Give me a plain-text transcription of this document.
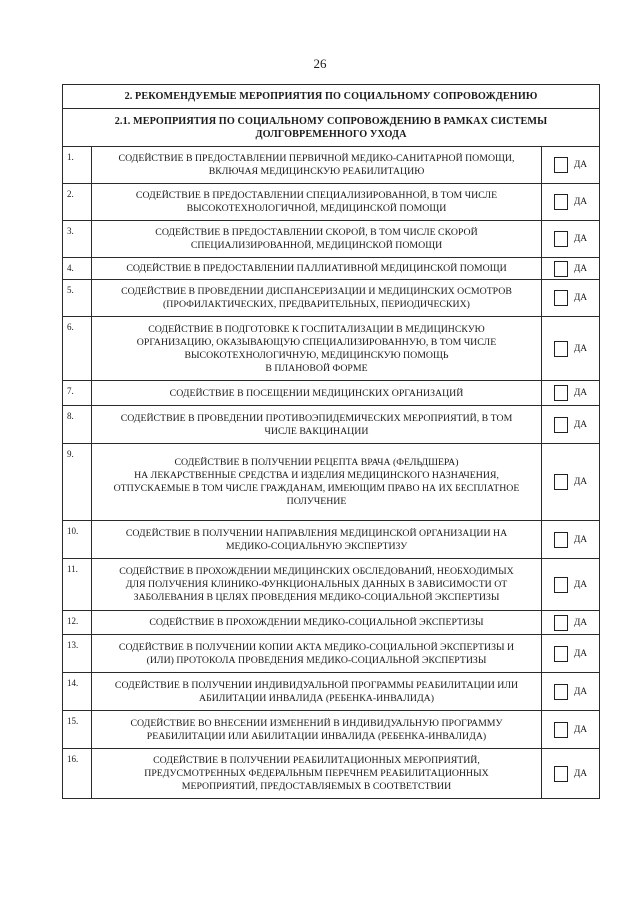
26
2. РЕКОМЕНДУЕМЫЕ МЕРОПРИЯТИЯ ПО СОЦИАЛЬНОМУ СОПРОВОЖДЕНИЮ		
2.1. МЕРОПРИЯТИЯ ПО СОЦИАЛЬНОМУ СОПРОВОЖДЕНИЮ В РАМКАХ СИСТЕМЫ ДОЛГОВРЕМЕННОГО УХОДА		
1.	СОДЕЙСТВИЕ В ПРЕДОСТАВЛЕНИИ ПЕРВИЧНОЙ МЕДИКО-САНИТАРНОЙ ПОМОЩИ,
ВКЛЮЧАЯ МЕДИЦИНСКУЮ РЕАБИЛИТАЦИЮ	ДА

2.	СОДЕЙСТВИЕ В ПРЕДОСТАВЛЕНИИ СПЕЦИАЛИЗИРОВАННОЙ, В ТОМ ЧИСЛЕ
ВЫСОКОТЕХНОЛОГИЧНОЙ, МЕДИЦИНСКОЙ ПОМОЩИ	ДА

3.	СОДЕЙСТВИЕ В ПРЕДОСТАВЛЕНИИ СКОРОЙ, В ТОМ ЧИСЛЕ СКОРОЙ
СПЕЦИАЛИЗИРОВАННОЙ, МЕДИЦИНСКОЙ ПОМОЩИ	ДА

4.	СОДЕЙСТВИЕ В ПРЕДОСТАВЛЕНИИ ПАЛЛИАТИВНОЙ МЕДИЦИНСКОЙ ПОМОЩИ	ДА

5.	СОДЕЙСТВИЕ В ПРОВЕДЕНИИ ДИСПАНСЕРИЗАЦИИ И МЕДИЦИНСКИХ ОСМОТРОВ
(ПРОФИЛАКТИЧЕСКИХ, ПРЕДВАРИТЕЛЬНЫХ, ПЕРИОДИЧЕСКИХ)	ДА

6.	СОДЕЙСТВИЕ В ПОДГОТОВКЕ К ГОСПИТАЛИЗАЦИИ В МЕДИЦИНСКУЮ
ОРГАНИЗАЦИЮ, ОКАЗЫВАЮЩУЮ СПЕЦИАЛИЗИРОВАННУЮ, В ТОМ ЧИСЛЕ
ВЫСОКОТЕХНОЛОГИЧНУЮ, МЕДИЦИНСКУЮ ПОМОЩЬ
В ПЛАНОВОЙ ФОРМЕ	ДА

7.	СОДЕЙСТВИЕ В ПОСЕЩЕНИИ МЕДИЦИНСКИХ ОРГАНИЗАЦИЙ	ДА

8.	СОДЕЙСТВИЕ В ПРОВЕДЕНИИ ПРОТИВОЭПИДЕМИЧЕСКИХ МЕРОПРИЯТИЙ, В ТОМ
ЧИСЛЕ ВАКЦИНАЦИИ	ДА

9.	СОДЕЙСТВИЕ В ПОЛУЧЕНИИ РЕЦЕПТА ВРАЧА (ФЕЛЬДШЕРА)
НА ЛЕКАРСТВЕННЫЕ СРЕДСТВА И ИЗДЕЛИЯ МЕДИЦИНСКОГО НАЗНАЧЕНИЯ,
ОТПУСКАЕМЫЕ В ТОМ ЧИСЛЕ ГРАЖДАНАМ, ИМЕЮЩИМ ПРАВО НА ИХ БЕСПЛАТНОЕ
ПОЛУЧЕНИЕ	ДА

10.	СОДЕЙСТВИЕ В ПОЛУЧЕНИИ НАПРАВЛЕНИЯ МЕДИЦИНСКОЙ ОРГАНИЗАЦИИ НА
МЕДИКО-СОЦИАЛЬНУЮ ЭКСПЕРТИЗУ	ДА

11.	СОДЕЙСТВИЕ В ПРОХОЖДЕНИИ МЕДИЦИНСКИХ ОБСЛЕДОВАНИЙ, НЕОБХОДИМЫХ
ДЛЯ ПОЛУЧЕНИЯ КЛИНИКО-ФУНКЦИОНАЛЬНЫХ ДАННЫХ В ЗАВИСИМОСТИ ОТ
ЗАБОЛЕВАНИЯ В ЦЕЛЯХ ПРОВЕДЕНИЯ МЕДИКО-СОЦИАЛЬНОЙ ЭКСПЕРТИЗЫ	ДА

12.	СОДЕЙСТВИЕ В ПРОХОЖДЕНИИ МЕДИКО-СОЦИАЛЬНОЙ ЭКСПЕРТИЗЫ	ДА

13.	СОДЕЙСТВИЕ В ПОЛУЧЕНИИ КОПИИ АКТА МЕДИКО-СОЦИАЛЬНОЙ ЭКСПЕРТИЗЫ И
(ИЛИ) ПРОТОКОЛА ПРОВЕДЕНИЯ МЕДИКО-СОЦИАЛЬНОЙ ЭКСПЕРТИЗЫ	ДА

14.	СОДЕЙСТВИЕ В ПОЛУЧЕНИИ ИНДИВИДУАЛЬНОЙ ПРОГРАММЫ РЕАБИЛИТАЦИИ ИЛИ
АБИЛИТАЦИИ ИНВАЛИДА (РЕБЕНКА-ИНВАЛИДА)	ДА

15.	СОДЕЙСТВИЕ ВО ВНЕСЕНИИ ИЗМЕНЕНИЙ В ИНДИВИДУАЛЬНУЮ ПРОГРАММУ
РЕАБИЛИТАЦИИ ИЛИ АБИЛИТАЦИИ ИНВАЛИДА (РЕБЕНКА-ИНВАЛИДА)	ДА

16.	СОДЕЙСТВИЕ В ПОЛУЧЕНИИ РЕАБИЛИТАЦИОННЫХ МЕРОПРИЯТИЙ,
ПРЕДУСМОТРЕННЫХ ФЕДЕРАЛЬНЫМ ПЕРЕЧНЕМ РЕАБИЛИТАЦИОННЫХ
МЕРОПРИЯТИЙ, ПРЕДОСТАВЛЯЕМЫХ В СООТВЕТСТВИИ	ДА
